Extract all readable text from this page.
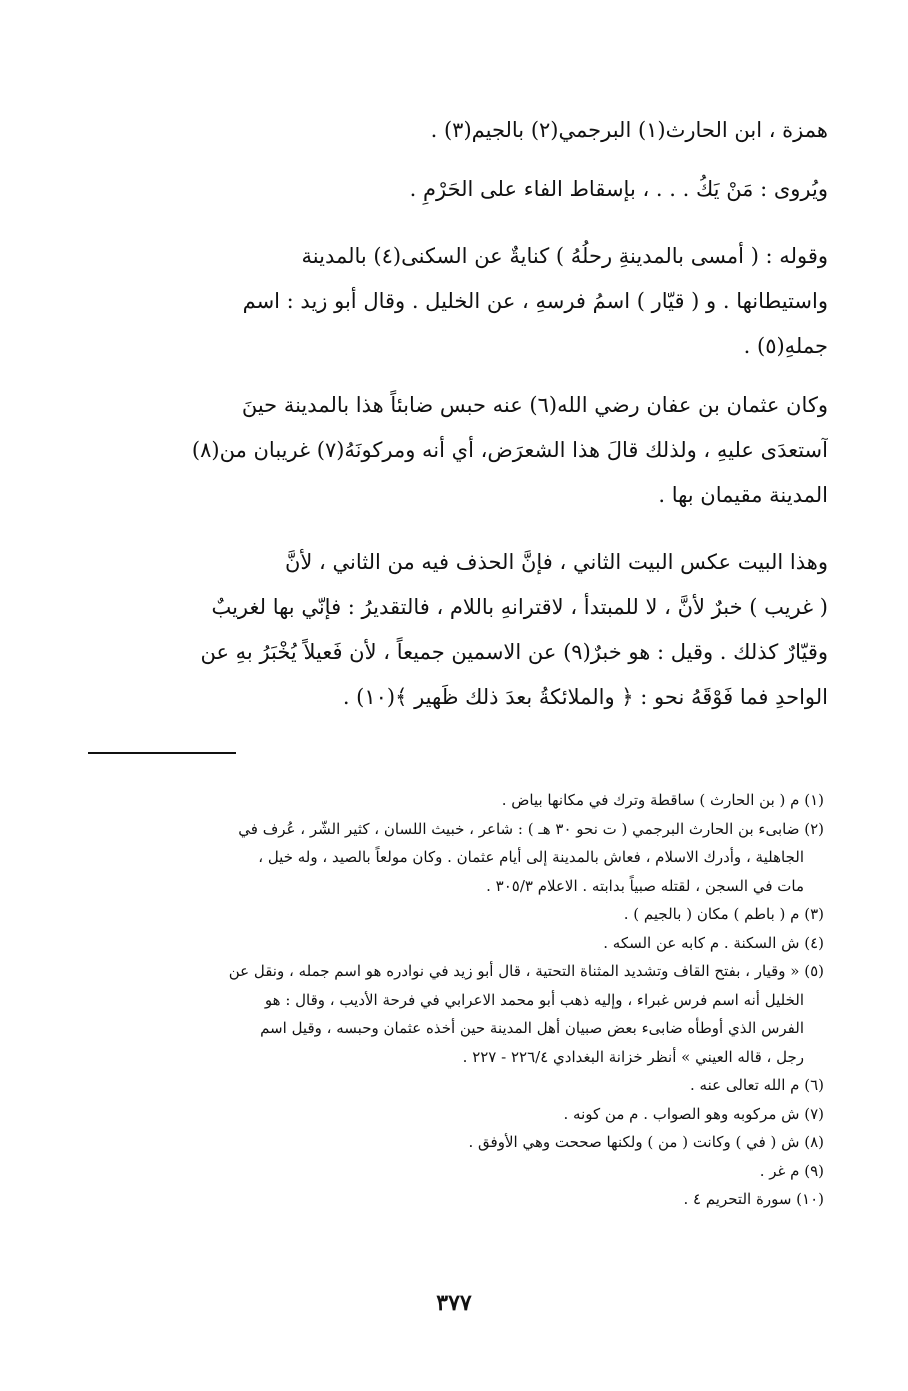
همزة ، ابن الحارث(١) البرجمي(٢) بالجيم(٣) .
ويُروى : مَنْ يَكُ . . . ، بإسقاط الفاء على الحَرْمِ .
وقوله : ( أمسى بالمدينةِ رحلُهُ ) كنايةٌ عن السكنى(٤) بالمدينة
واستيطانها . و ( قيّار ) اسمُ فرسهِ ، عن الخليل . وقال أبو زيد : اسم
جملهِ(٥) .
وكان عثمان بن عفان رضي الله(٦) عنه حبس ضابئاً هذا بالمدينة حينَ
آستعدَى عليهِ ، ولذلك قالَ هذا الشعرَض، أي أنه ومركونَهُ(٧) غريبان من(٨)
المدينة مقيمان بها .
وهذا البيت عكس البيت الثاني ، فإنَّ الحذف فيه من الثاني ، لأنَّ
( غريب ) خبرٌ لأنَّ ، لا للمبتدأ ، لاقترانهِ باللام ، فالتقديرُ : فإنّي بها لغريبٌ
وقيّارٌ كذلك . وقيل : هو خبرٌ(٩) عن الاسمين جميعاً ، لأن فَعيلاً يُخْبَرُ بهِ عن
الواحدِ فما فَوْقَهُ نحو : ﴿ والملائكةُ بعدَ ذلك ظَهير ﴾(١٠) .
(١) م ( بن الحارث ) ساقطة وترك في مكانها بياض .
(٢) ضابىء بن الحارث البرجمي ( ت نحو ٣٠ هـ ) : شاعر ، خبيث اللسان ، كثير الشّر ، عُرف في
الجاهلية ، وأدرك الاسلام ، فعاش بالمدينة إلى أيام عثمان . وكان مولعاً بالصيد ، وله خيل ،
مات في السجن ، لقتله صبياً بدابته . الاعلام ٣٠٥/٣ .
(٣) م ( باطم ) مكان ( بالجيم ) .
(٤) ش السكنة . م كابه عن السكه .
(٥) « وقيار ، بفتح القاف وتشديد المثناة التحتية ، قال أبو زيد في نوادره هو اسم جمله ، ونقل عن
الخليل أنه اسم فرس غبراء ، وإليه ذهب أبو محمد الاعرابي في فرحة الأديب ، وقال : هو
الفرس الذي أوطأه ضابىء بعض صبيان أهل المدينة حين أخذه عثمان وحبسه ، وقيل اسم
رجل ، قاله العيني » أنظر خزانة البغدادي ٢٢٦/٤ - ٢٢٧ .
(٦) م الله تعالى عنه .
(٧) ش مركوبه وهو الصواب . م من كونه .
(٨) ش ( في ) وكانت ( من ) ولكنها صححت وهي الأوفق .
(٩) م غر .
(١٠) سورة التحريم ٤ .
٣٧٧
